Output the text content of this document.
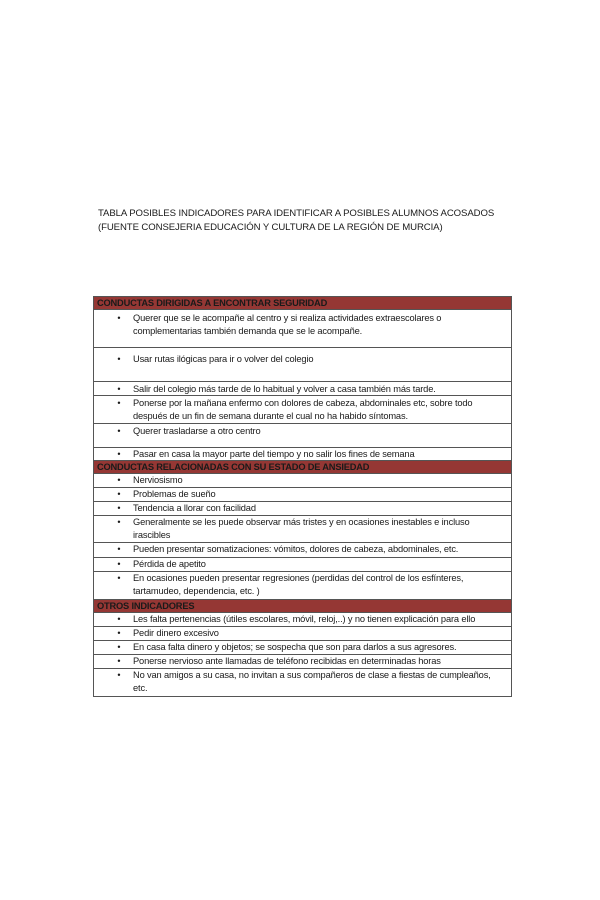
TABLA POSIBLES INDICADORES PARA IDENTIFICAR A POSIBLES ALUMNOS ACOSADOS (FUENTE CONSEJERIA EDUCACIÓN Y CULTURA DE LA REGIÓN DE MURCIA)
CONDUCTAS DIRIGIDAS A ENCONTRAR SEGURIDAD
• Querer que se le acompañe al centro y si realiza actividades extraescolares o complementarias también demanda que se le acompañe.
• Usar rutas ilógicas para ir o volver del colegio
• Salir del colegio más tarde de lo habitual y volver a casa también más tarde.
• Ponerse por la mañana enfermo con dolores de cabeza, abdominales etc, sobre todo después de un fin de semana durante el cual no ha habido síntomas.
• Querer trasladarse a otro centro
• Pasar en casa la mayor parte del tiempo y no salir los fines de semana
CONDUCTAS RELACIONADAS CON SU ESTADO DE ANSIEDAD
• Nerviosismo
• Problemas de sueño
• Tendencia a llorar con facilidad
• Generalmente se les puede observar más tristes y en ocasiones inestables e incluso irascibles
• Pueden presentar somatizaciones: vómitos, dolores de cabeza, abdominales, etc.
• Pérdida de apetito
• En ocasiones pueden presentar regresiones (perdidas del control de los esfínteres, tartamudeo, dependencia, etc. )
OTROS INDICADORES
• Les falta pertenencias (útiles escolares, móvil, reloj,..) y no tienen explicación para ello
• Pedir dinero excesivo
• En casa falta dinero y objetos; se sospecha que son para darlos a sus agresores.
• Ponerse nervioso ante llamadas de teléfono recibidas en determinadas horas
• No van amigos a su casa, no invitan a sus compañeros de clase a fiestas de cumpleaños, etc.
